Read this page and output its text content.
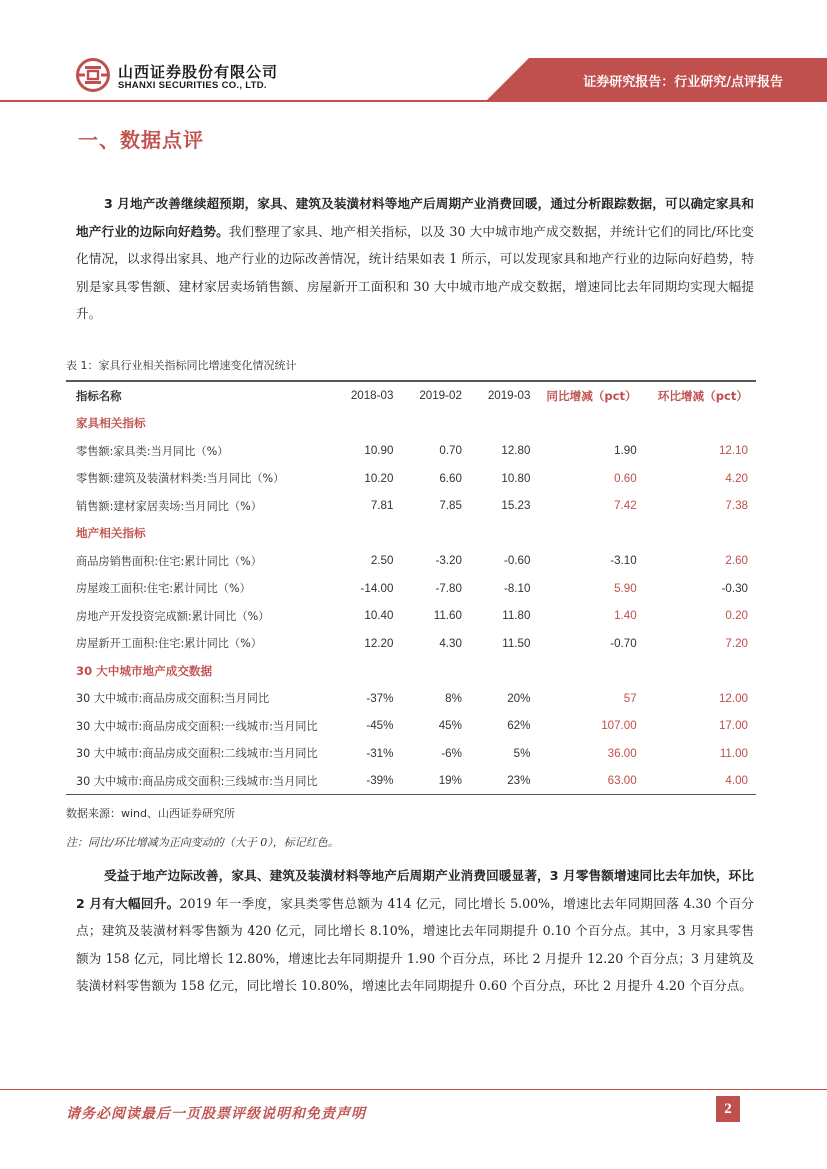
山西证券股份有限公司
SHANXI SECURITIES CO., LTD.	证券研究报告：行业研究/点评报告
一、数据点评
3 月地产改善继续超预期，家具、建筑及装潢材料等地产后周期产业消费回暖，通过分析跟踪数据，可以确定家具和地产行业的边际向好趋势。我们整理了家具、地产相关指标，以及 30 大中城市地产成交数据，并统计它们的同比/环比变化情况，以求得出家具、地产行业的边际改善情况，统计结果如表 1 所示，可以发现家具和地产行业的边际向好趋势，特别是家具零售额、建材家居卖场销售额、房屋新开工面积和 30 大中城市地产成交数据，增速同比去年同期均实现大幅提升。
表 1：家具行业相关指标同比增速变化情况统计
指标名称	2018-03	2019-02	2019-03	同比增减（pct）	环比增减（pct）
家具相关指标					
零售额:家具类:当月同比（%）	10.90	0.70	12.80	1.90	12.10
零售额:建筑及装潢材料类:当月同比（%）	10.20	6.60	10.80	0.60	4.20
销售额:建材家居卖场:当月同比（%）	7.81	7.85	15.23	7.42	7.38
地产相关指标					
商品房销售面积:住宅:累计同比（%）	2.50	-3.20	-0.60	-3.10	2.60
房屋竣工面积:住宅:累计同比（%）	-14.00	-7.80	-8.10	5.90	-0.30
房地产开发投资完成额:累计同比（%）	10.40	11.60	11.80	1.40	0.20
房屋新开工面积:住宅:累计同比（%）	12.20	4.30	11.50	-0.70	7.20
30 大中城市地产成交数据					
30 大中城市:商品房成交面积:当月同比	-37%	8%	20%	57	12.00
30 大中城市:商品房成交面积:一线城市:当月同比	-45%	45%	62%	107.00	17.00
30 大中城市:商品房成交面积:二线城市:当月同比	-31%	-6%	5%	36.00	11.00
30 大中城市:商品房成交面积:三线城市:当月同比	-39%	19%	23%	63.00	4.00
数据来源：wind、山西证券研究所
注：同比/环比增减为正向变动的（大于 0），标记红色。
受益于地产边际改善，家具、建筑及装潢材料等地产后周期产业消费回暖显著，3 月零售额增速同比去年加快，环比 2 月有大幅回升。2019 年一季度，家具类零售总额为 414 亿元，同比增长 5.00%，增速比去年同期回落 4.30 个百分点；建筑及装潢材料零售额为 420 亿元，同比增长 8.10%，增速比去年同期提升 0.10 个百分点。其中，3 月家具零售额为 158 亿元，同比增长 12.80%，增速比去年同期提升 1.90 个百分点，环比 2 月提升 12.20 个百分点；3 月建筑及装潢材料零售额为 158 亿元，同比增长 10.80%，增速比去年同期提升 0.60 个百分点，环比 2 月提升 4.20 个百分点。
请务必阅读最后一页股票评级说明和免责声明	2
